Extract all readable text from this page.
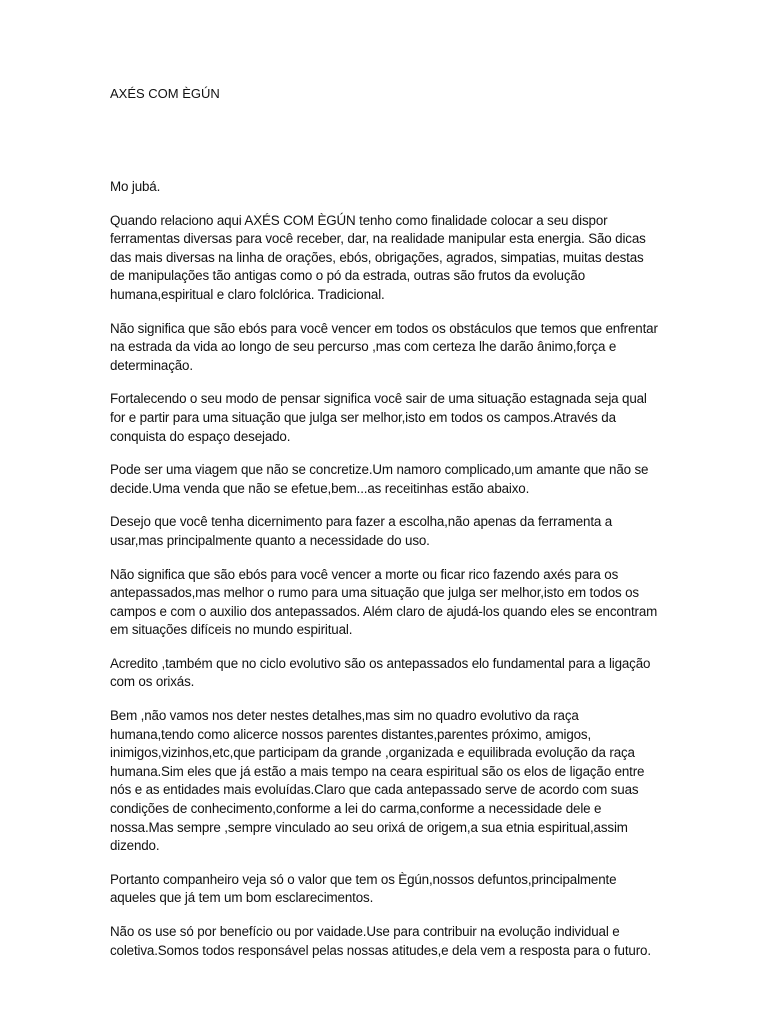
AXÉS COM ÈGÚN

Mo jubá.

Quando relaciono aqui AXÉS COM ÈGÚN tenho como finalidade colocar a seu dispor ferramentas diversas para você receber, dar, na realidade manipular esta energia. São dicas das mais diversas na linha de orações, ebós, obrigações, agrados, simpatias, muitas destas de manipulações tão antigas como o pó da estrada, outras são frutos da evolução humana,espiritual e claro folclórica. Tradicional.

Não significa que são ebós para você vencer em todos os obstáculos que temos que enfrentar na estrada da vida ao longo de seu percurso ,mas com certeza lhe darão ânimo,força e determinação.

Fortalecendo o seu modo de pensar significa você sair de uma situação estagnada seja qual for e partir para uma situação que julga ser melhor,isto em todos os campos.Através da conquista do espaço desejado.

Pode ser uma viagem que não se concretize.Um namoro complicado,um amante que não se decide.Uma venda que não se efetue,bem...as receitinhas estão abaixo.

Desejo que você tenha dicernimento para fazer a escolha,não apenas da ferramenta a usar,mas principalmente quanto a necessidade do uso.

Não significa que são ebós para você vencer a morte ou ficar rico fazendo axés para os antepassados,mas melhor o rumo para uma situação que julga ser melhor,isto em todos os campos e com o auxilio dos antepassados. Além claro de ajudá-los quando eles se encontram em situações difíceis no mundo espiritual.

Acredito ,também que no ciclo evolutivo são os antepassados elo fundamental para a ligação com os orixás.

Bem ,não vamos nos deter nestes detalhes,mas sim no quadro evolutivo da raça humana,tendo como alicerce nossos parentes distantes,parentes próximo, amigos, inimigos,vizinhos,etc,que participam da grande ,organizada e equilibrada evolução da raça humana.Sim eles que já estão a mais tempo na ceara espiritual são os elos de ligação entre nós e as entidades mais evoluídas.Claro que cada antepassado serve de acordo com suas condições de conhecimento,conforme a lei do carma,conforme a necessidade dele e nossa.Mas sempre ,sempre vinculado ao seu orixá de origem,a sua etnia espiritual,assim dizendo.

Portanto companheiro veja só o valor que tem os Ègún,nossos defuntos,principalmente aqueles que já tem um bom esclarecimentos.

Não os use só por benefício ou por vaidade.Use para contribuir na evolução individual e coletiva.Somos todos responsável pelas nossas atitudes,e dela vem a resposta para o futuro.
